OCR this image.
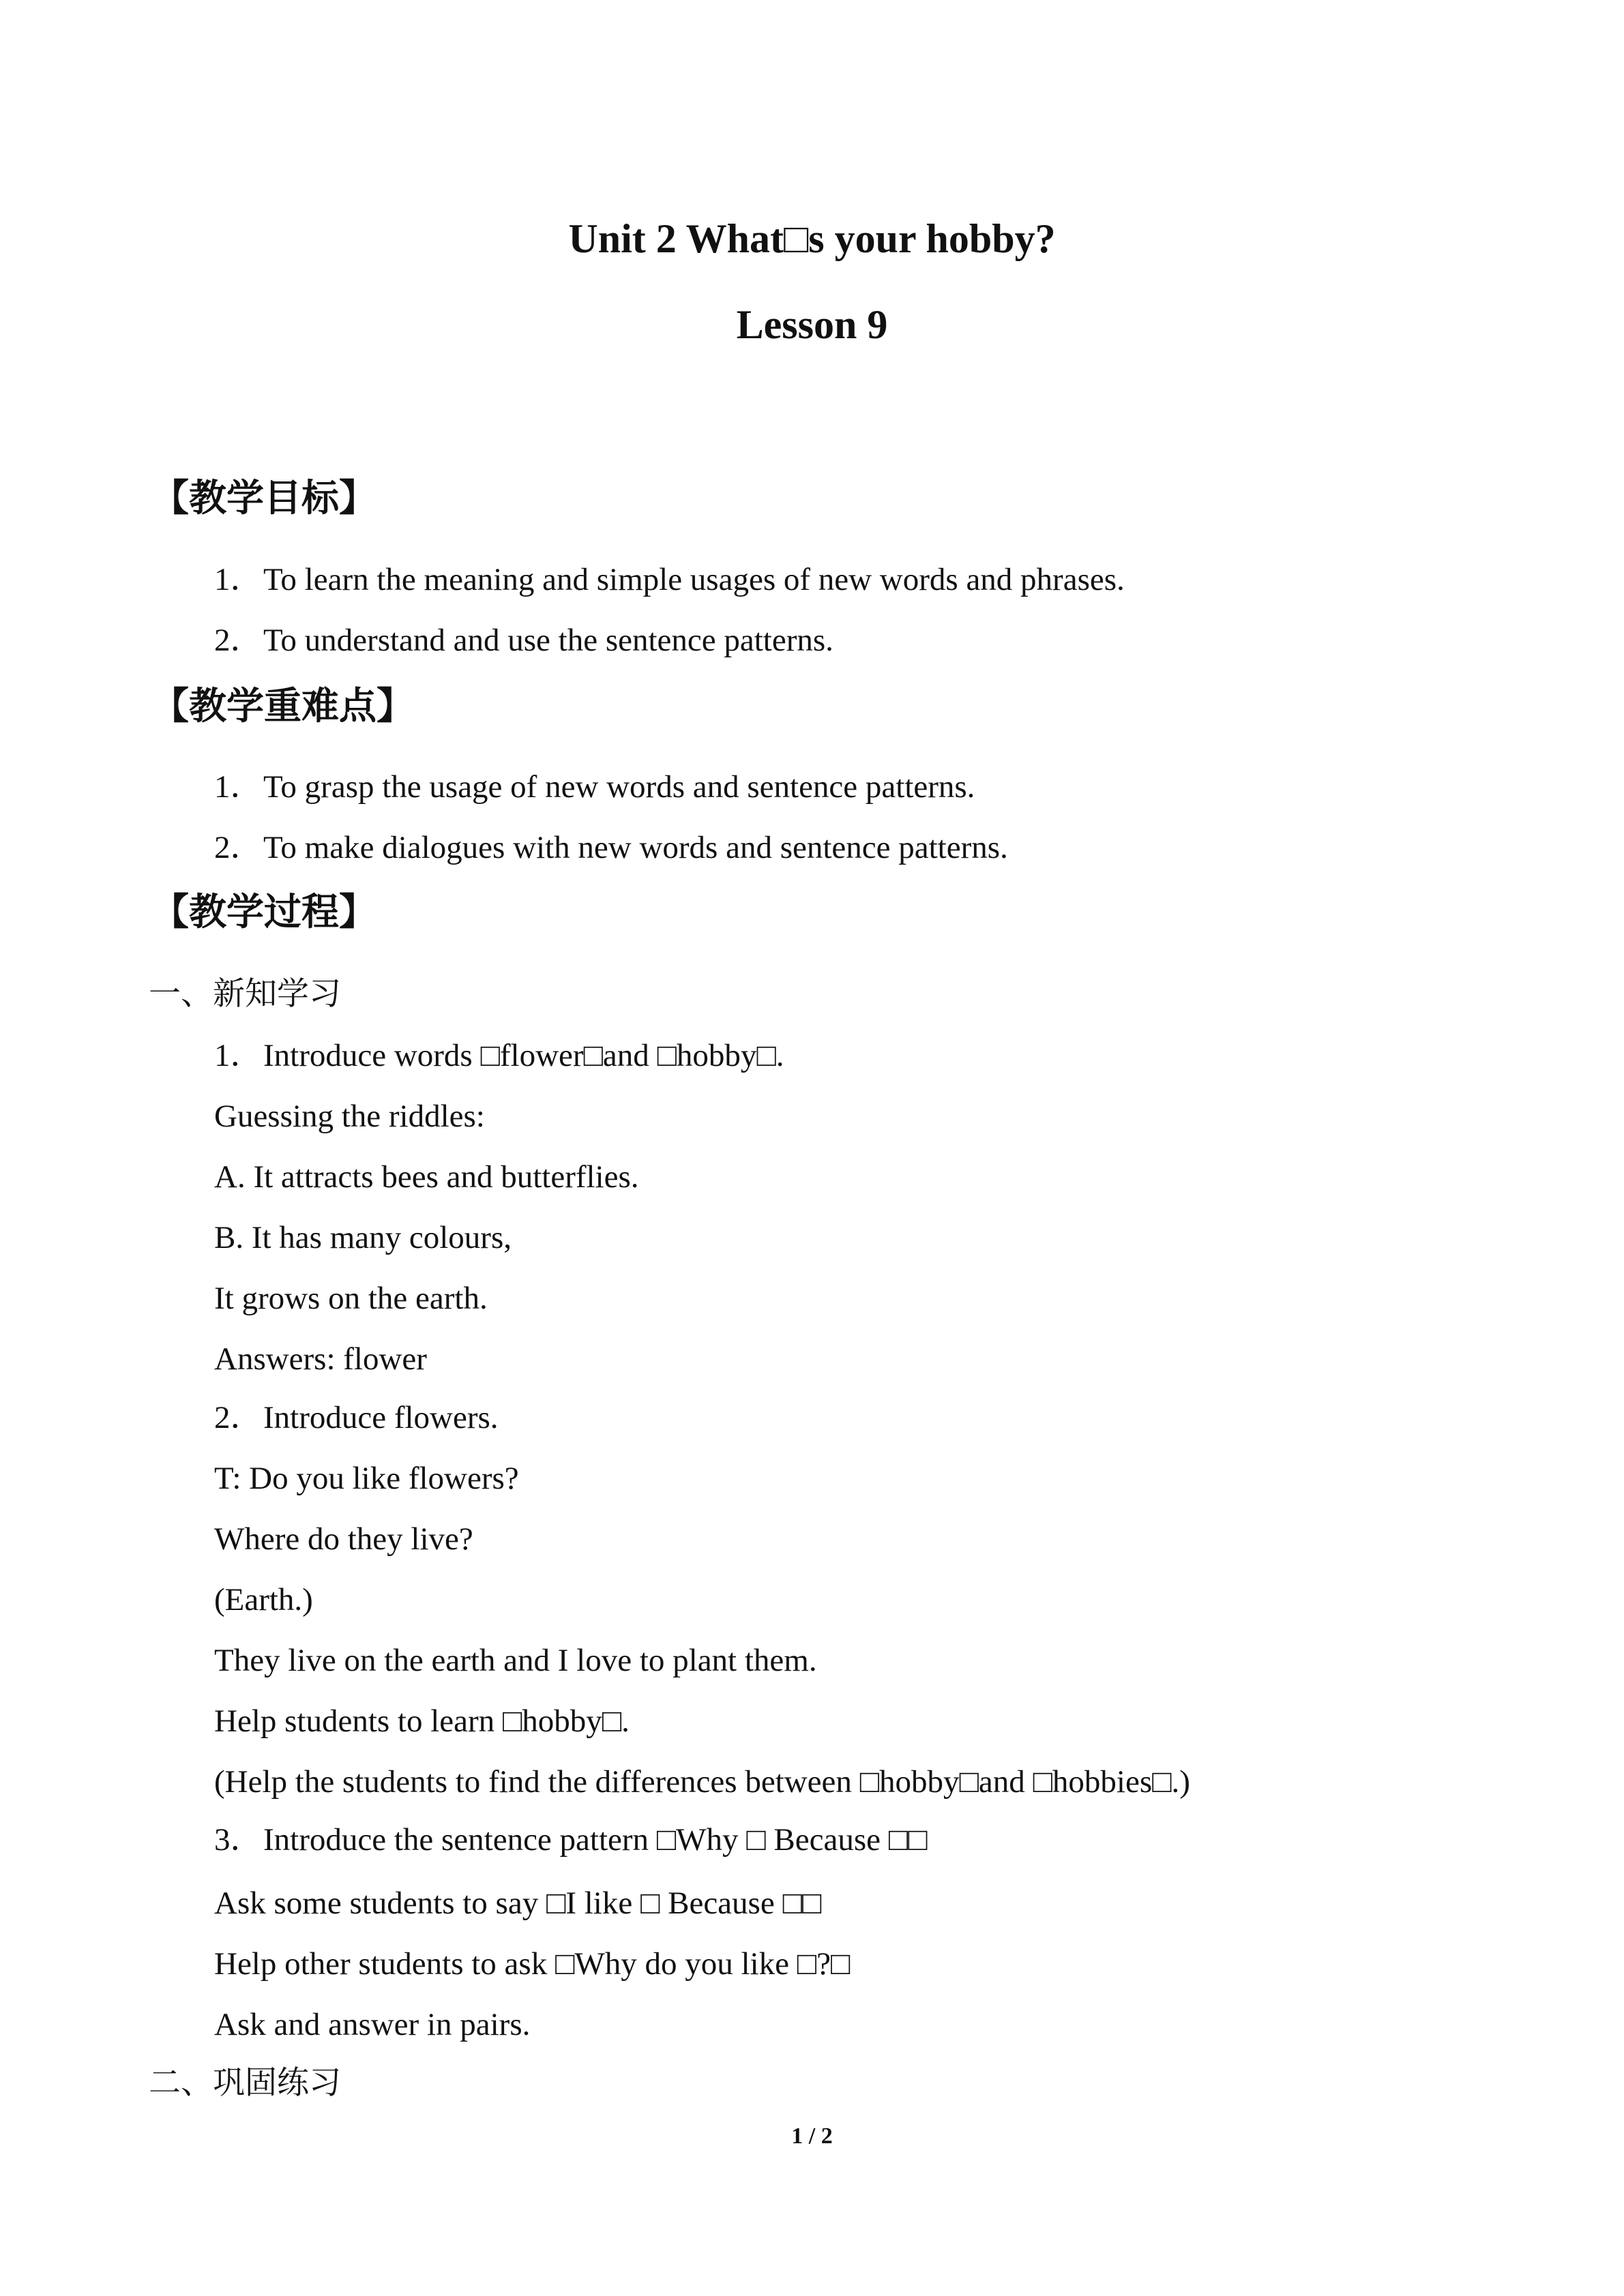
Unit 2 What□s your hobby?
Lesson 9
【教学目标】
1．To learn the meaning and simple usages of new words and phrases.
2．To understand and use the sentence patterns.
【教学重难点】
1．To grasp the usage of new words and sentence patterns.
2．To make dialogues with new words and sentence patterns.
【教学过程】
一、新知学习
1．Introduce words □flower□and □hobby□.
Guessing the riddles:
A. It attracts bees and butterflies.
B. It has many colours,
It grows on the earth.
Answers: flower
2．Introduce flowers.
T: Do you like flowers?
Where do they live?
(Earth.)
They live on the earth and I love to plant them.
Help students to learn □hobby□.
(Help the students to find the differences between □hobby□and □hobbies□.)
3．Introduce the sentence pattern □Why □ Because □□
Ask some students to say □I like □ Because □□
Help other students to ask □Why do you like □?□
Ask and answer in pairs.
二、巩固练习
1 / 2
